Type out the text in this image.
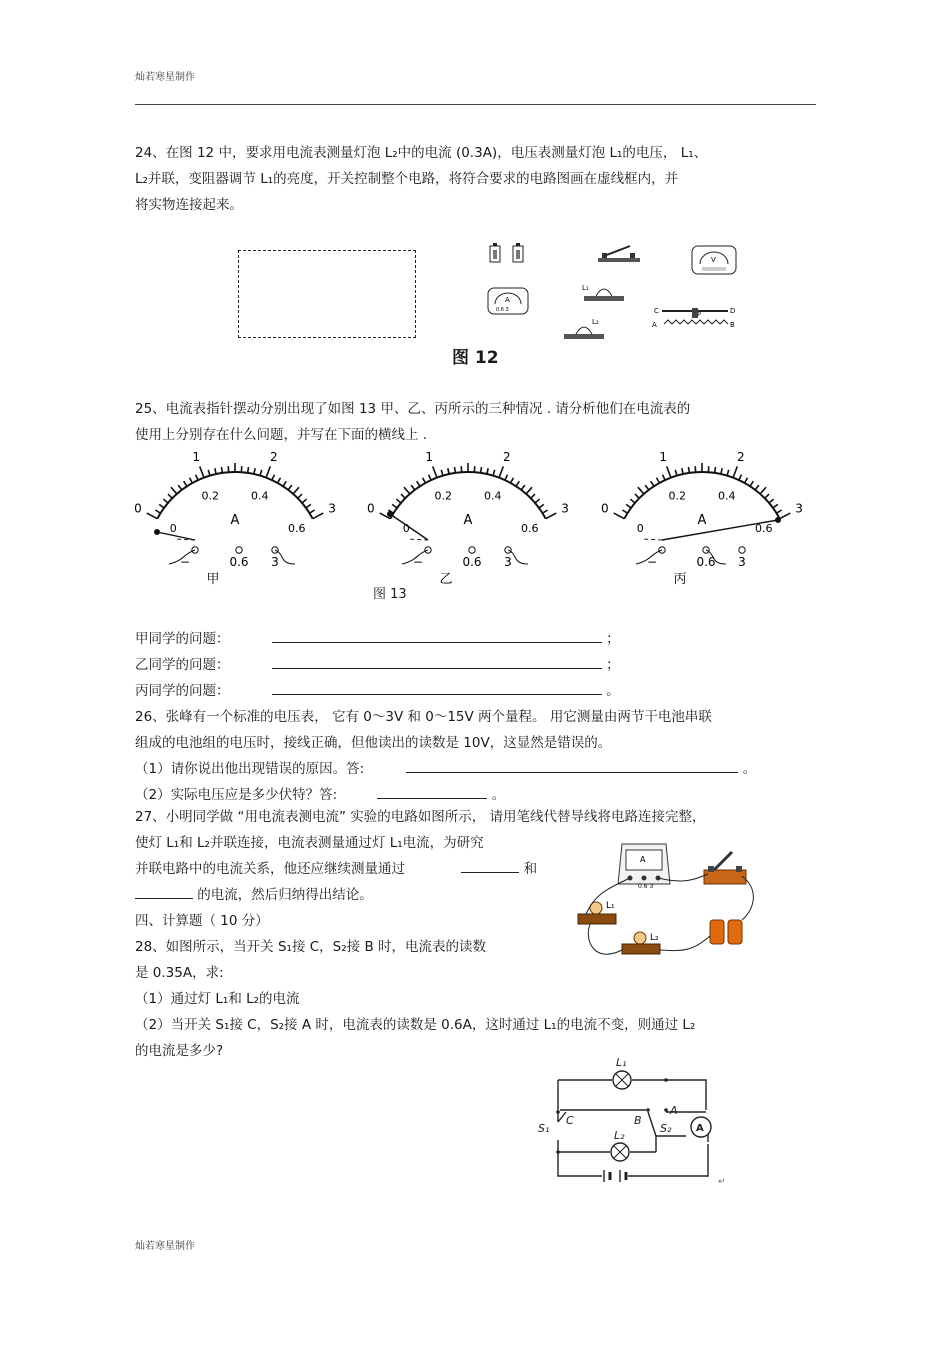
灿若寒星制作
灿若寒星制作
24、在图 12 中，要求用电流表测量灯泡 L₂中的电流 (0.3A)，电压表测量灯泡 L₁的电压， L₁、
L₂并联，变阻器调节 L₁的亮度，开关控制整个电路，将符合要求的电路图画在虚线框内，并
将实物连接起来。
V
A
0.6 3
L₁
L₂
C	D
A	B
P
图 12
25、电流表指针摆动分别出现了如图 13 甲、乙、丙所示的三种情况 . 请分析他们在电流表的
使用上分别存在什么问题，并写在下面的横线上 .
0
1	2
3
0
0.2	0.4
0.6
A
−	0.6 3
甲
0
1	2
3
0
0.2	0.4
0.6
A
−	0.6 3
乙
0
1	2
3
0
0.2	0.4
0.6
A
−	0.6 3
丙
图 13
甲同学的问题：	；
乙同学的问题：	；
丙同学的问题：	。
26、张峰有一个标准的电压表， 它有 0～3V 和 0～15V 两个量程。 用它测量由两节干电池串联
组成的电池组的电压时，接线正确，但他读出的读数是 10V，这显然是错误的。
（1）请你说出他出现错误的原因。答:	。
（2）实际电压应是多少伏特？答:	。
27、小明同学做 “用电流表测电流” 实验的电路如图所示， 请用笔线代替导线将电路连接完整，
使灯 L₁和 L₂并联连接，电流表测量通过灯 L₁电流，为研究
并联电路中的电流关系，他还应继续测量通过	和
的电流，然后归纳得出结论。
A
0.6 3
L₁
L₂
四、计算题（ 10 分）
28、如图所示，当开关 S₁接 C，S₂接 B 时，电流表的读数
是 0.35A，求:
（1）通过灯 L₁和 L₂的电流
（2）当开关 S₁接 C，S₂接 A 时，电流表的读数是 0.6A，这时通过 L₁的电流不变，则通过 L₂
的电流是多少?
L₁
L₂
S₁	S₂
C	B
A
A
↵
